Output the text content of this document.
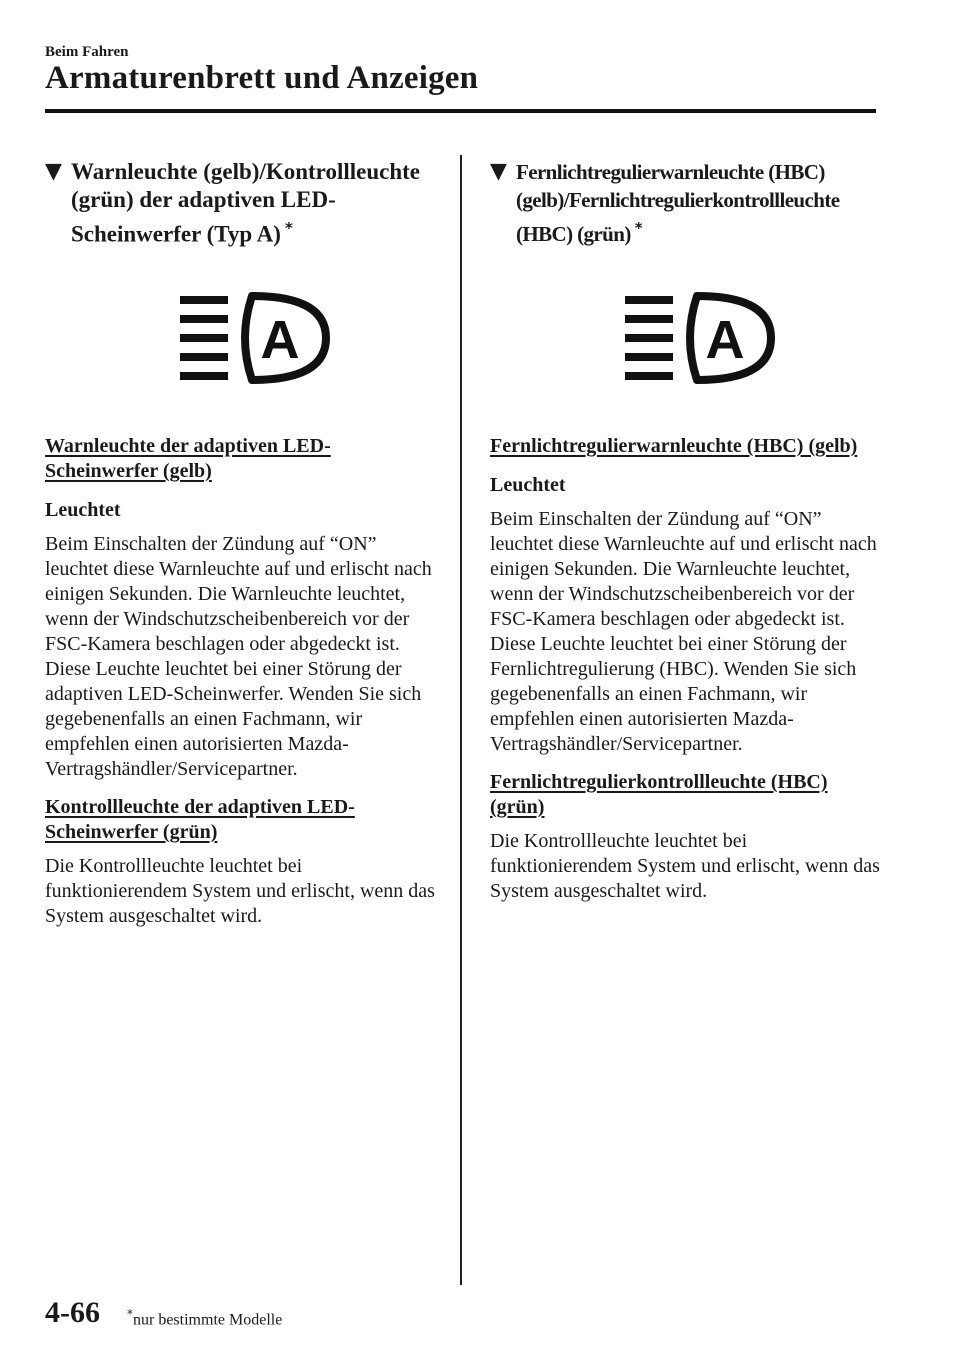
Beim Fahren
Armaturenbrett und Anzeigen
▼ Warnleuchte (gelb)/Kontrollleuchte (grün) der adaptiven LED-Scheinwerfer (Typ A) *
A
Warnleuchte der adaptiven LED-Scheinwerfer (gelb)
Leuchtet
Beim Einschalten der Zündung auf “ON” leuchtet diese Warnleuchte auf und erlischt nach einigen Sekunden. Die Warnleuchte leuchtet, wenn der Windschutzscheibenbereich vor der FSC-Kamera beschlagen oder abgedeckt ist. Diese Leuchte leuchtet bei einer Störung der adaptiven LED-Scheinwerfer. Wenden Sie sich gegebenenfalls an einen Fachmann, wir empfehlen einen autorisierten Mazda-Vertragshändler/Servicepartner.
Kontrollleuchte der adaptiven LED-Scheinwerfer (grün)
Die Kontrollleuchte leuchtet bei funktionierendem System und erlischt, wenn das System ausgeschaltet wird.
▼ Fernlichtregulierwarnleuchte (HBC) (gelb)/Fernlichtregulierkontrollleuchte (HBC) (grün) *
A
Fernlichtregulierwarnleuchte (HBC) (gelb)
Leuchtet
Beim Einschalten der Zündung auf “ON” leuchtet diese Warnleuchte auf und erlischt nach einigen Sekunden. Die Warnleuchte leuchtet, wenn der Windschutzscheibenbereich vor der FSC-Kamera beschlagen oder abgedeckt ist. Diese Leuchte leuchtet bei einer Störung der Fernlichtregulierung (HBC). Wenden Sie sich gegebenenfalls an einen Fachmann, wir empfehlen einen autorisierten Mazda-Vertragshändler/Servicepartner.
Fernlichtregulierkontrollleuchte (HBC) (grün)
Die Kontrollleuchte leuchtet bei funktionierendem System und erlischt, wenn das System ausgeschaltet wird.
4-66 *nur bestimmte Modelle
